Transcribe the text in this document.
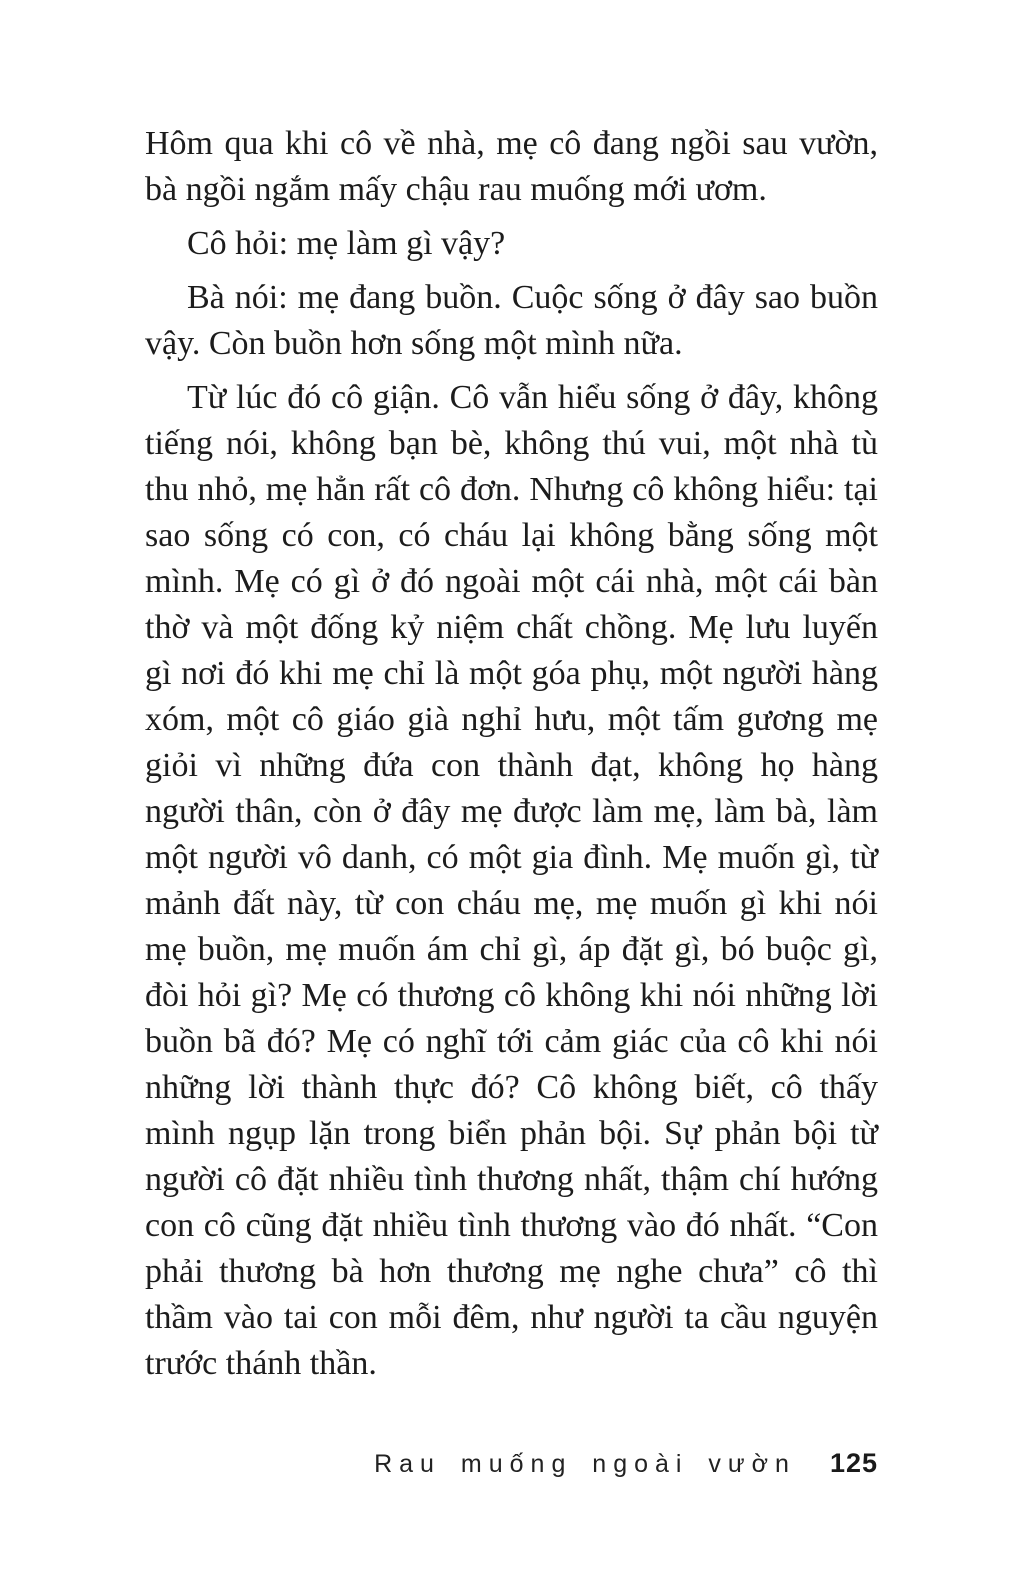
Hôm qua khi cô về nhà, mẹ cô đang ngồi sau vườn, bà ngồi ngắm mấy chậu rau muống mới ươm.

Cô hỏi: mẹ làm gì vậy?

Bà nói: mẹ đang buồn. Cuộc sống ở đây sao buồn vậy. Còn buồn hơn sống một mình nữa.

Từ lúc đó cô giận. Cô vẫn hiểu sống ở đây, không tiếng nói, không bạn bè, không thú vui, một nhà tù thu nhỏ, mẹ hẳn rất cô đơn. Nhưng cô không hiểu: tại sao sống có con, có cháu lại không bằng sống một mình. Mẹ có gì ở đó ngoài một cái nhà, một cái bàn thờ và một đống kỷ niệm chất chồng. Mẹ lưu luyến gì nơi đó khi mẹ chỉ là một góa phụ, một người hàng xóm, một cô giáo già nghỉ hưu, một tấm gương mẹ giỏi vì những đứa con thành đạt, không họ hàng người thân, còn ở đây mẹ được làm mẹ, làm bà, làm một người vô danh, có một gia đình. Mẹ muốn gì, từ mảnh đất này, từ con cháu mẹ, mẹ muốn gì khi nói mẹ buồn, mẹ muốn ám chỉ gì, áp đặt gì, bó buộc gì, đòi hỏi gì? Mẹ có thương cô không khi nói những lời buồn bã đó? Mẹ có nghĩ tới cảm giác của cô khi nói những lời thành thực đó? Cô không biết, cô thấy mình ngụp lặn trong biển phản bội. Sự phản bội từ người cô đặt nhiều tình thương nhất, thậm chí hướng con cô cũng đặt nhiều tình thương vào đó nhất. “Con phải thương bà hơn thương mẹ nghe chưa” cô thì thầm vào tai con mỗi đêm, như người ta cầu nguyện trước thánh thần.

Rau muống ngoài vườn 125
